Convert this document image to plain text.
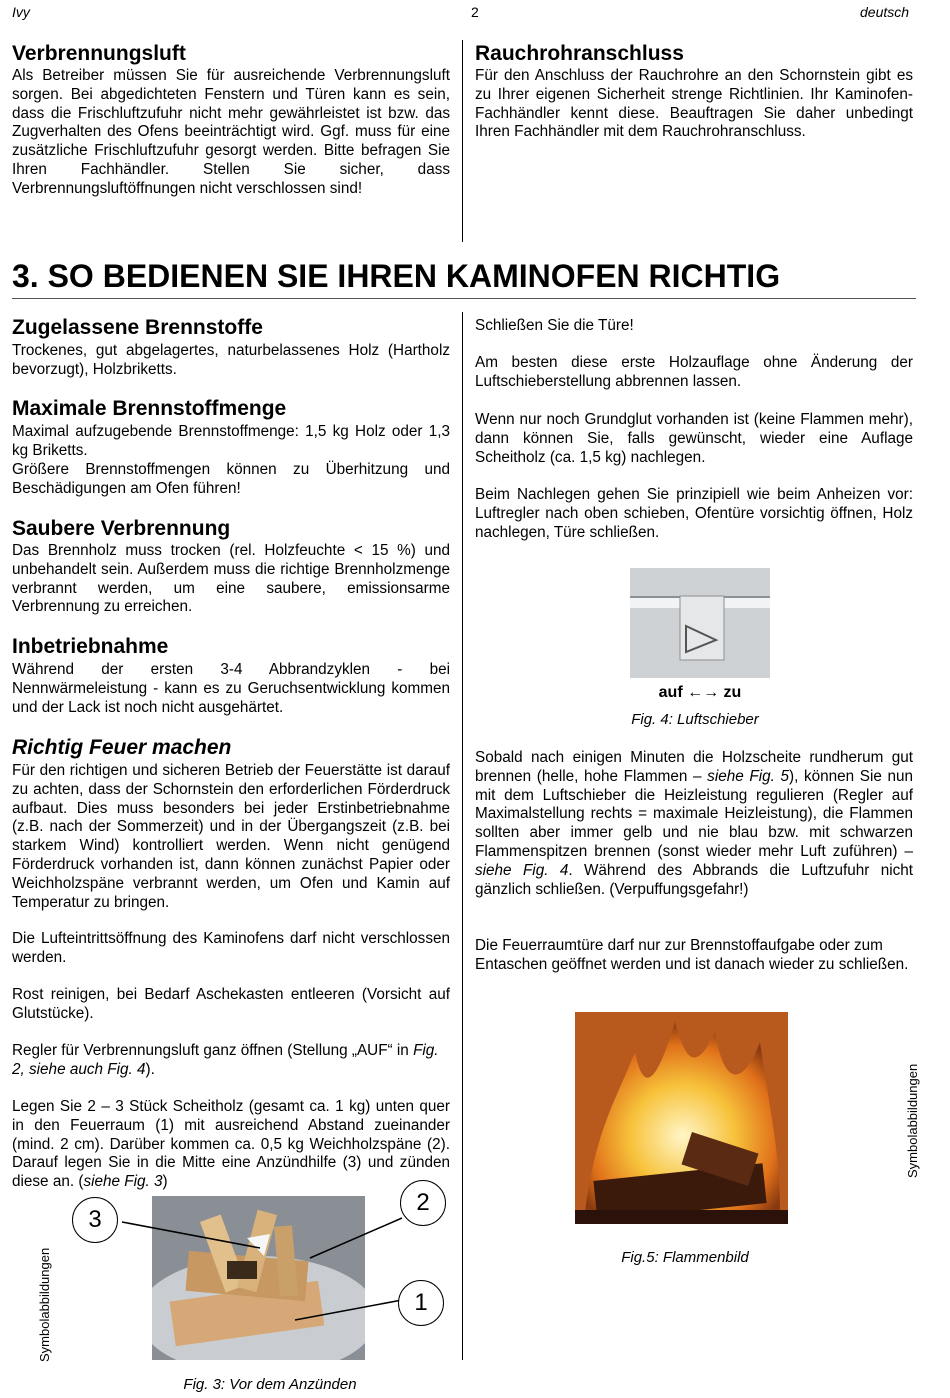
Ivy	2	deutsch
Verbrennungsluft

Als Betreiber müssen Sie für ausreichende Verbrennungsluft sorgen. Bei abgedichteten Fenstern und Türen kann es sein, dass die Frischluftzufuhr nicht mehr gewährleistet ist bzw. das Zugverhalten des Ofens beeinträchtigt wird. Ggf. muss für eine zusätzliche Frischluftzufuhr gesorgt werden. Bitte befragen Sie Ihren Fachhändler. Stellen Sie sicher, dass Verbrennungsluftöffnungen nicht verschlossen sind!

Rauchrohranschluss

Für den Anschluss der Rauchrohre an den Schornstein gibt es zu Ihrer eigenen Sicherheit strenge Richtlinien. Ihr Kaminofen-Fachhändler kennt diese. Beauftragen Sie daher unbedingt Ihren Fachhändler mit dem Rauchrohranschluss.

3. SO BEDIENEN SIE IHREN KAMINOFEN RICHTIG
Zugelassene Brennstoffe

Trockenes, gut abgelagertes, naturbelassenes Holz (Hartholz bevorzugt), Holzbriketts.

Maximale Brennstoffmenge

Maximal aufzugebende Brennstoffmenge: 1,5 kg Holz oder 1,3 kg Briketts.

Größere Brennstoffmengen können zu Überhitzung und Beschädigungen am Ofen führen!

Saubere Verbrennung

Das Brennholz muss trocken (rel. Holzfeuchte < 15 %) und unbehandelt sein. Außerdem muss die richtige Brennholzmenge verbrannt werden, um eine saubere, emissionsarme Verbrennung zu erreichen.

Inbetriebnahme

Während der ersten 3-4 Abbrandzyklen - bei Nennwärmeleistung - kann es zu Geruchsentwicklung kommen und der Lack ist noch nicht ausgehärtet.

Richtig Feuer machen

Für den richtigen und sicheren Betrieb der Feuerstätte ist darauf zu achten, dass der Schornstein den erforderlichen Förderdruck aufbaut. Dies muss besonders bei jeder Erstinbetriebnahme (z.B. nach der Sommerzeit) und in der Übergangszeit (z.B. bei starkem Wind) kontrolliert werden. Wenn nicht genügend Förderdruck vorhanden ist, dann können zunächst Papier oder Weichholzspäne verbrannt werden, um Ofen und Kamin auf Temperatur zu bringen.

Die Lufteintrittsöffnung des Kaminofens darf nicht verschlossen werden.

Rost reinigen, bei Bedarf Aschekasten entleeren (Vorsicht auf Glutstücke).

Regler für Verbrennungsluft ganz öffnen (Stellung „AUF“ in Fig. 2, siehe auch Fig. 4).

Legen Sie 2 – 3 Stück Scheitholz (gesamt ca. 1 kg) unten quer in den Feuerraum (1) mit ausreichend Abstand zueinander (mind. 2 cm). Darüber kommen ca. 0,5 kg Weichholzspäne (2). Darauf legen Sie in die Mitte eine Anzündhilfe (3) und zünden diese an. (siehe Fig. 3)

Symbolabbildungen
3
2
1
Fig. 3: Vor dem Anzünden

Schließen Sie die Türe!

Am besten diese erste Holzauflage ohne Änderung der Luftschieberstellung abbrennen lassen.

Wenn nur noch Grundglut vorhanden ist (keine Flammen mehr), dann können Sie, falls gewünscht, wieder eine Auflage Scheitholz (ca. 1,5 kg) nachlegen.

Beim Nachlegen gehen Sie prinzipiell wie beim Anheizen vor: Luftregler nach oben schieben, Ofentüre vorsichtig öffnen, Holz nachlegen, Türe schließen.

auf ←→ zu
Fig. 4: Luftschieber

Sobald nach einigen Minuten die Holzscheite rundherum gut brennen (helle, hohe Flammen – siehe Fig. 5), können Sie nun mit dem Luftschieber die Heizleistung regulieren (Regler auf Maximalstellung rechts = maximale Heizleistung), die Flammen sollten aber immer gelb und nie blau bzw. mit schwarzen Flammenspitzen brennen (sonst wieder mehr Luft zuführen) – siehe Fig. 4. Während des Abbrands die Luftzufuhr nicht gänzlich schließen. (Verpuffungsgefahr!)

Die Feuerraumtüre darf nur zur Brennstoffaufgabe oder zum Entaschen geöffnet werden und ist danach wieder zu schließen.

Fig.5: Flammenbild
Symbolabbildungen
